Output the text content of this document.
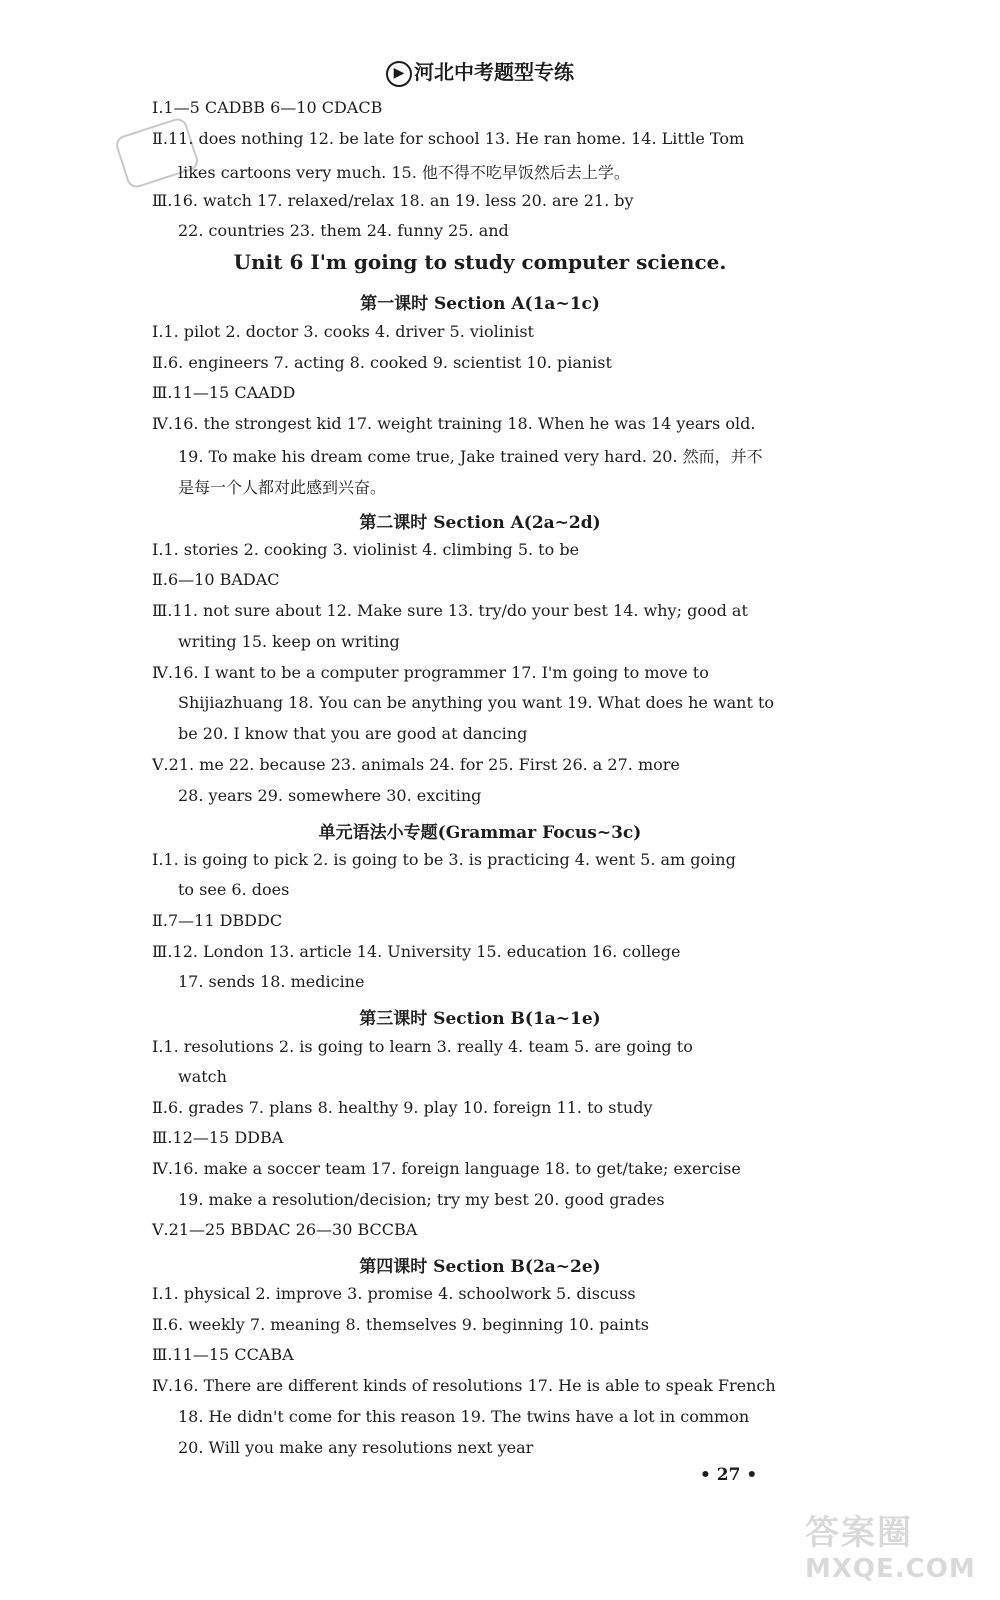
▶ 河北中考题型专练
Ⅰ.1—5 CADBB 6—10 CDACB
Ⅱ.11. does nothing 12. be late for school 13. He ran home. 14. Little Tom
likes cartoons very much. 15. 他不得不吃早饭然后去上学。
Ⅲ.16. watch 17. relaxed/relax 18. an 19. less 20. are 21. by
22. countries 23. them 24. funny 25. and
Unit 6 I'm going to study computer science.
第一课时 Section A(1a~1c)
Ⅰ.1. pilot 2. doctor 3. cooks 4. driver 5. violinist
Ⅱ.6. engineers 7. acting 8. cooked 9. scientist 10. pianist
Ⅲ.11—15 CAADD
Ⅳ.16. the strongest kid 17. weight training 18. When he was 14 years old.
19. To make his dream come true, Jake trained very hard. 20. 然而，并不
是每一个人都对此感到兴奋。
第二课时 Section A(2a~2d)
Ⅰ.1. stories 2. cooking 3. violinist 4. climbing 5. to be
Ⅱ.6—10 BADAC
Ⅲ.11. not sure about 12. Make sure 13. try/do your best 14. why; good at
writing 15. keep on writing
Ⅳ.16. I want to be a computer programmer 17. I'm going to move to
Shijiazhuang 18. You can be anything you want 19. What does he want to
be 20. I know that you are good at dancing
Ⅴ.21. me 22. because 23. animals 24. for 25. First 26. a 27. more
28. years 29. somewhere 30. exciting
单元语法小专题(Grammar Focus~3c)
Ⅰ.1. is going to pick 2. is going to be 3. is practicing 4. went 5. am going
to see 6. does
Ⅱ.7—11 DBDDC
Ⅲ.12. London 13. article 14. University 15. education 16. college
17. sends 18. medicine
第三课时 Section B(1a~1e)
Ⅰ.1. resolutions 2. is going to learn 3. really 4. team 5. are going to
watch
Ⅱ.6. grades 7. plans 8. healthy 9. play 10. foreign 11. to study
Ⅲ.12—15 DDBA
Ⅳ.16. make a soccer team 17. foreign language 18. to get/take; exercise
19. make a resolution/decision; try my best 20. good grades
Ⅴ.21—25 BBDAC 26—30 BCCBA
第四课时 Section B(2a~2e)
Ⅰ.1. physical 2. improve 3. promise 4. schoolwork 5. discuss
Ⅱ.6. weekly 7. meaning 8. themselves 9. beginning 10. paints
Ⅲ.11—15 CCABA
Ⅳ.16. There are different kinds of resolutions 17. He is able to speak French
18. He didn't come for this reason 19. The twins have a lot in common
20. Will you make any resolutions next year
• 27 •
答案圈
MXQE.COM
